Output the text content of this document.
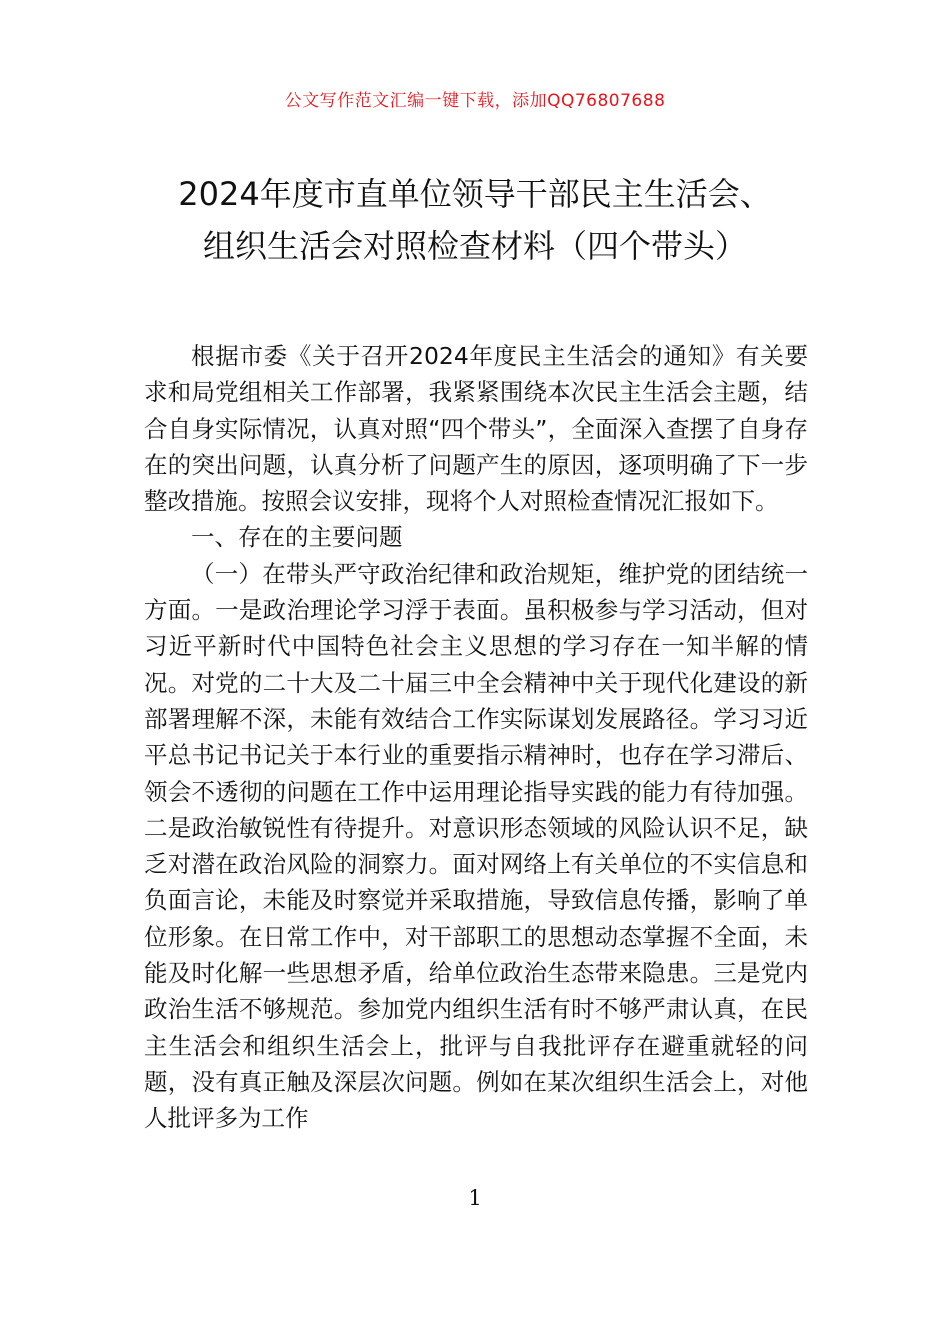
公文写作范文汇编一键下载，添加QQ76807688
2024年度市直单位领导干部民主生活会、
组织生活会对照检查材料（四个带头）

根据市委《关于召开2024年度民主生活会的通知》有关要求和局党组相关工作部署，我紧紧围绕本次民主生活会主题，结合自身实际情况，认真对照“四个带头”，全面深入查摆了自身存在的突出问题，认真分析了问题产生的原因，逐项明确了下一步整改措施。按照会议安排，现将个人对照检查情况汇报如下。

一、存在的主要问题

（一）在带头严守政治纪律和政治规矩，维护党的团结统一方面。一是政治理论学习浮于表面。虽积极参与学习活动，但对习近平新时代中国特色社会主义思想的学习存在一知半解的情况。对党的二十大及二十届三中全会精神中关于现代化建设的新部署理解不深，未能有效结合工作实际谋划发展路径。学习习近平总书记书记关于本行业的重要指示精神时，也存在学习滞后、领会不透彻的问题在工作中运用理论指导实践的能力有待加强。二是政治敏锐性有待提升。对意识形态领域的风险认识不足，缺乏对潜在政治风险的洞察力。面对网络上有关单位的不实信息和负面言论，未能及时察觉并采取措施，导致信息传播，影响了单位形象。在日常工作中，对干部职工的思想动态掌握不全面，未能及时化解一些思想矛盾，给单位政治生态带来隐患。三是党内政治生活不够规范。参加党内组织生活有时不够严肃认真，在民主生活会和组织生活会上，批评与自我批评存在避重就轻的问题，没有真正触及深层次问题。例如在某次组织生活会上，对他人批评多为工作

1
